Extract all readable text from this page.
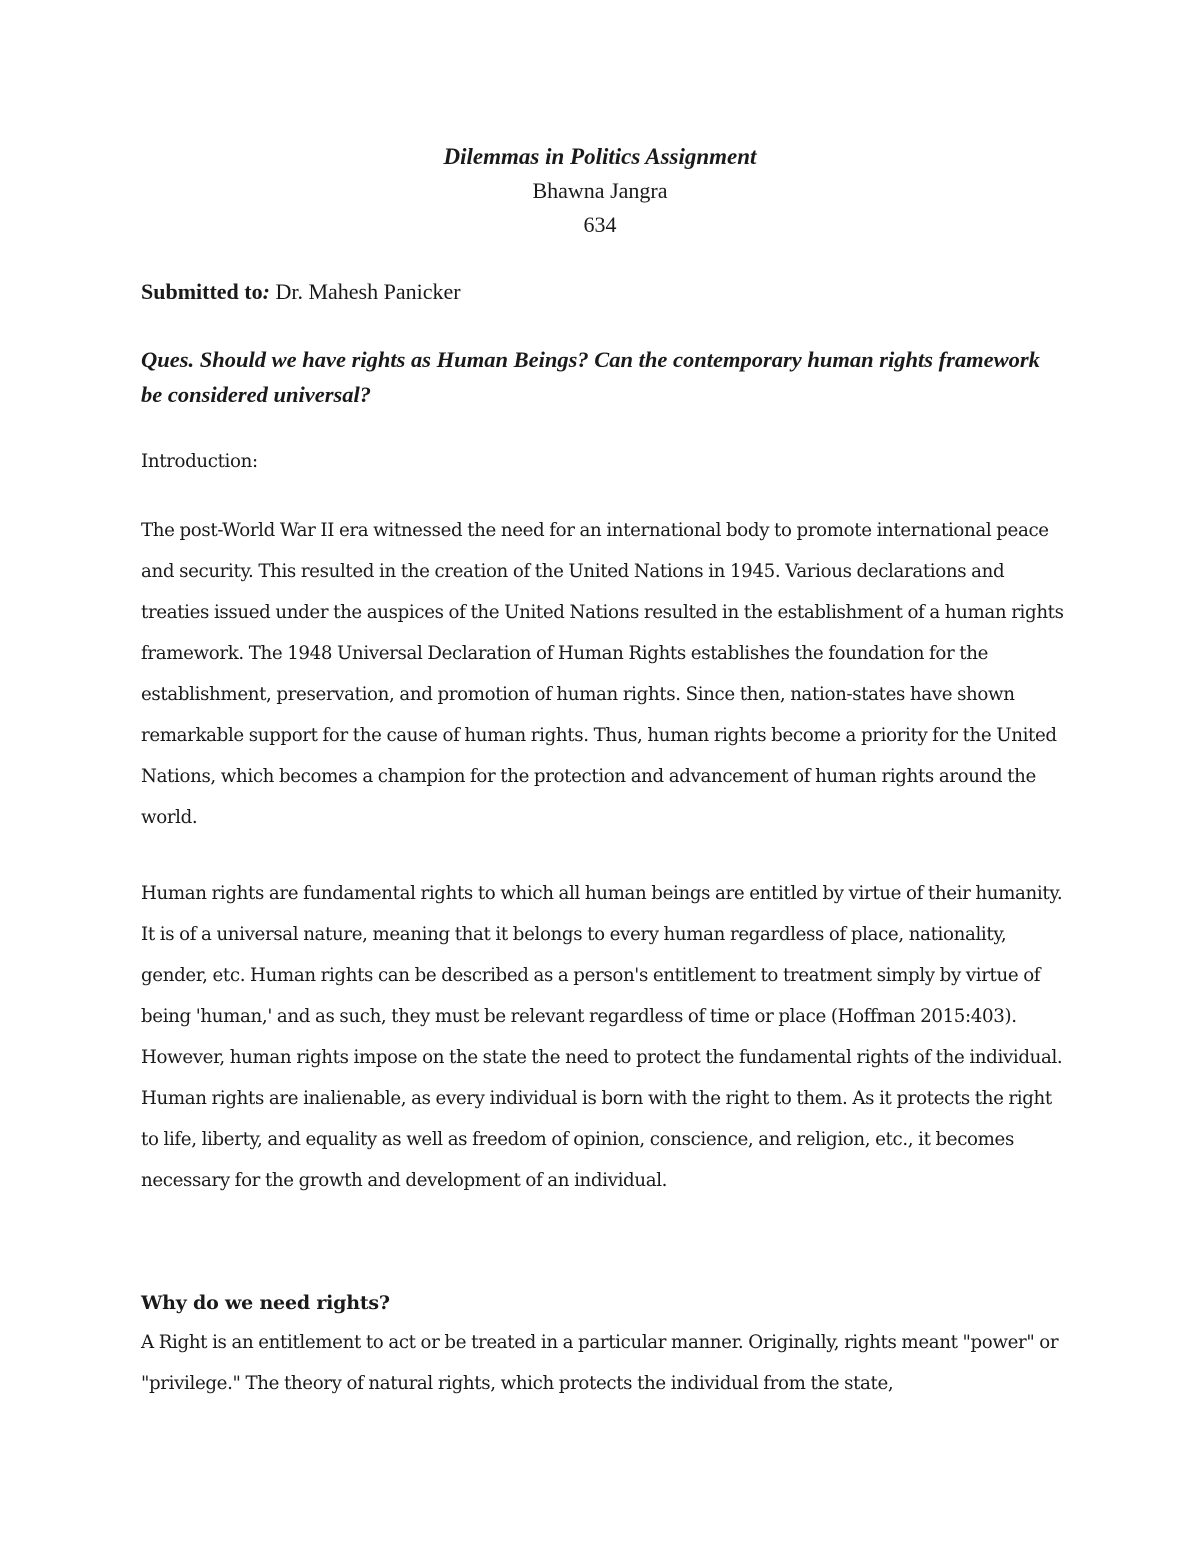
Dilemmas in Politics Assignment

Bhawna Jangra

634

Submitted to: Dr. Mahesh Panicker

Ques. Should we have rights as Human Beings? Can the contemporary human rights framework be considered universal?

Introduction:

The post-World War II era witnessed the need for an international body to promote international peace and security. This resulted in the creation of the United Nations in 1945. Various declarations and treaties issued under the auspices of the United Nations resulted in the establishment of a human rights framework. The 1948 Universal Declaration of Human Rights establishes the foundation for the establishment, preservation, and promotion of human rights. Since then, nation-states have shown remarkable support for the cause of human rights. Thus, human rights become a priority for the United Nations, which becomes a champion for the protection and advancement of human rights around the world.

Human rights are fundamental rights to which all human beings are entitled by virtue of their humanity. It is of a universal nature, meaning that it belongs to every human regardless of place, nationality, gender, etc. Human rights can be described as a person's entitlement to treatment simply by virtue of being 'human,' and as such, they must be relevant regardless of time or place (Hoffman 2015:403). However, human rights impose on the state the need to protect the fundamental rights of the individual. Human rights are inalienable, as every individual is born with the right to them. As it protects the right to life, liberty, and equality as well as freedom of opinion, conscience, and religion, etc., it becomes necessary for the growth and development of an individual.

Why do we need rights?

A Right is an entitlement to act or be treated in a particular manner. Originally, rights meant "power" or "privilege." The theory of natural rights, which protects the individual from the state,
